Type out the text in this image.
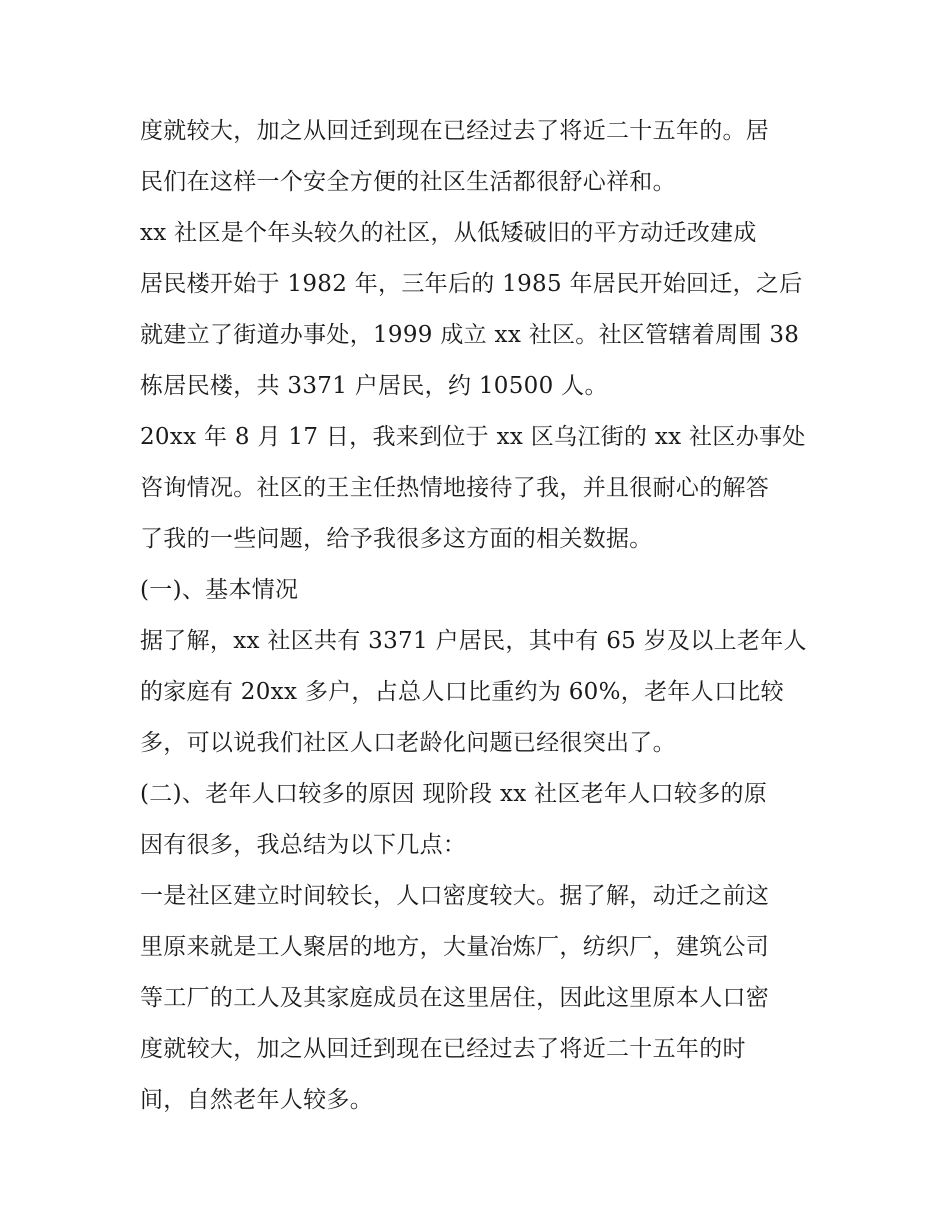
度就较大，加之从回迁到现在已经过去了将近二十五年的。居
民们在这样一个安全方便的社区生活都很舒心祥和。
xx 社区是个年头较久的社区，从低矮破旧的平方动迁改建成
居民楼开始于 1982 年，三年后的 1985 年居民开始回迁，之后
就建立了街道办事处，1999 成立 xx 社区。社区管辖着周围 38
栋居民楼，共 3371 户居民，约 10500 人。
20xx 年 8 月 17 日，我来到位于 xx 区乌江街的 xx 社区办事处
咨询情况。社区的王主任热情地接待了我，并且很耐心的解答
了我的一些问题，给予我很多这方面的相关数据。
(一)、基本情况
据了解，xx 社区共有 3371 户居民，其中有 65 岁及以上老年人
的家庭有 20xx 多户，占总人口比重约为 60%，老年人口比较
多，可以说我们社区人口老龄化问题已经很突出了。
(二)、老年人口较多的原因 现阶段 xx 社区老年人口较多的原
因有很多，我总结为以下几点：
一是社区建立时间较长，人口密度较大。据了解，动迁之前这
里原来就是工人聚居的地方，大量冶炼厂，纺织厂，建筑公司
等工厂的工人及其家庭成员在这里居住，因此这里原本人口密
度就较大，加之从回迁到现在已经过去了将近二十五年的时
间，自然老年人较多。
